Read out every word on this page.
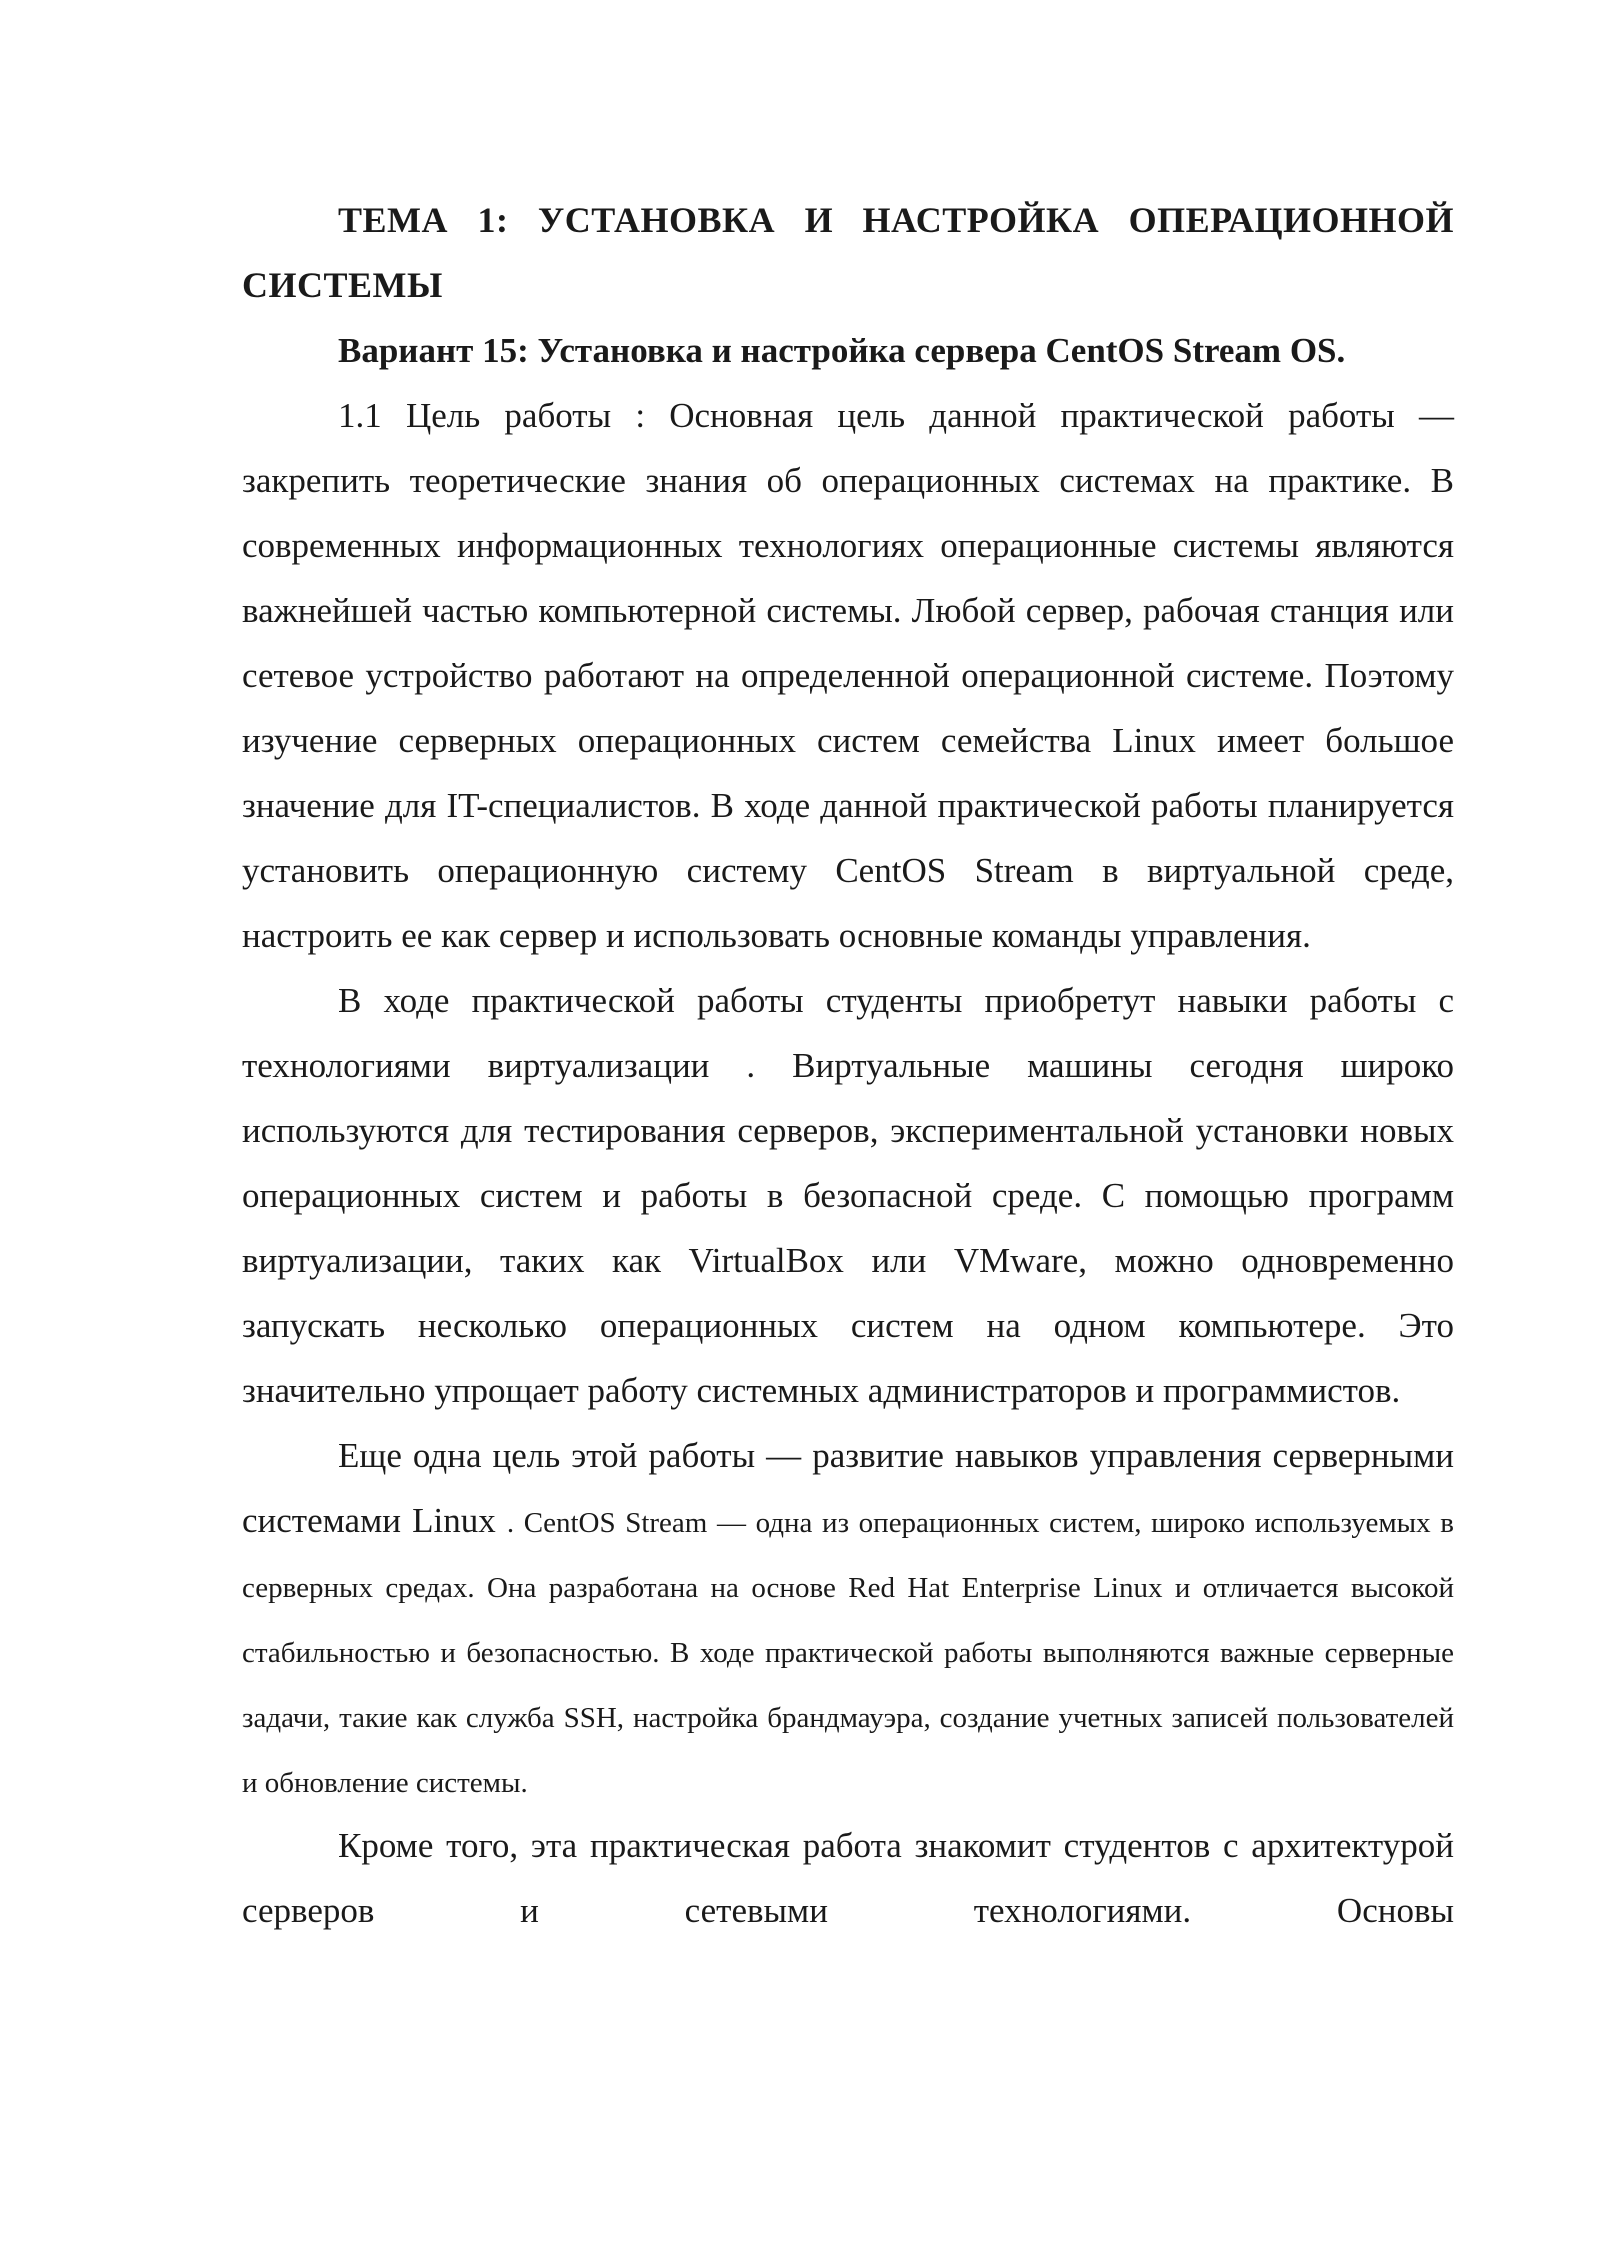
ТЕМА 1: УСТАНОВКА И НАСТРОЙКА ОПЕРАЦИОННОЙ СИСТЕМЫ

Вариант 15: Установка и настройка сервера CentOS Stream OS.

1.1 Цель работы : Основная цель данной практической работы — закрепить теоретические знания об операционных системах на практике. В современных информационных технологиях операционные системы являются важнейшей частью компьютерной системы. Любой сервер, рабочая станция или сетевое устройство работают на определенной операционной системе. Поэтому изучение серверных операционных систем семейства Linux имеет большое значение для IT-специалистов. В ходе данной практической работы планируется установить операционную систему CentOS Stream в виртуальной среде, настроить ее как сервер и использовать основные команды управления.

В ходе практической работы студенты приобретут навыки работы с технологиями виртуализации . Виртуальные машины сегодня широко используются для тестирования серверов, экспериментальной установки новых операционных систем и работы в безопасной среде. С помощью программ виртуализации, таких как VirtualBox или VMware, можно одновременно запускать несколько операционных систем на одном компьютере. Это значительно упрощает работу системных администраторов и программистов.

Еще одна цель этой работы — развитие навыков управления серверными системами Linux . CentOS Stream — одна из операционных систем, широко используемых в серверных средах. Она разработана на основе Red Hat Enterprise Linux и отличается высокой стабильностью и безопасностью. В ходе практической работы выполняются важные серверные задачи, такие как служба SSH, настройка брандмауэра, создание учетных записей пользователей и обновление системы.

Кроме того, эта практическая работа знакомит студентов с архитектурой серверов и сетевыми технологиями. Основы
